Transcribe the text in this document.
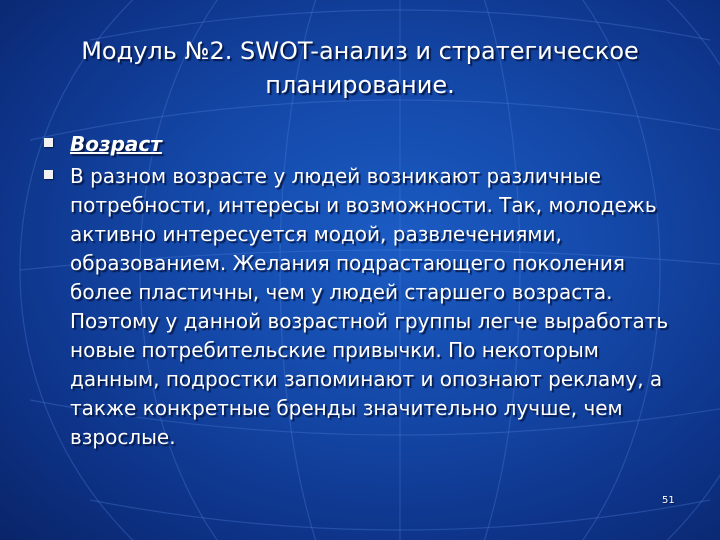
Модуль №2. SWOT-анализ и стратегическое
планирование.
Возраст
В разном возрасте у людей возникают различные потребности, интересы и возможности. Так, молодежь активно интересуется модой, развлечениями, образованием. Желания подрастающего поколения более пластичны, чем у людей старшего возраста. Поэтому у данной возрастной группы легче выработать новые потребительские привычки. По некоторым данным, подростки запоминают и опознают рекламу, а также конкретные бренды значительно лучше, чем взрослые.
51
